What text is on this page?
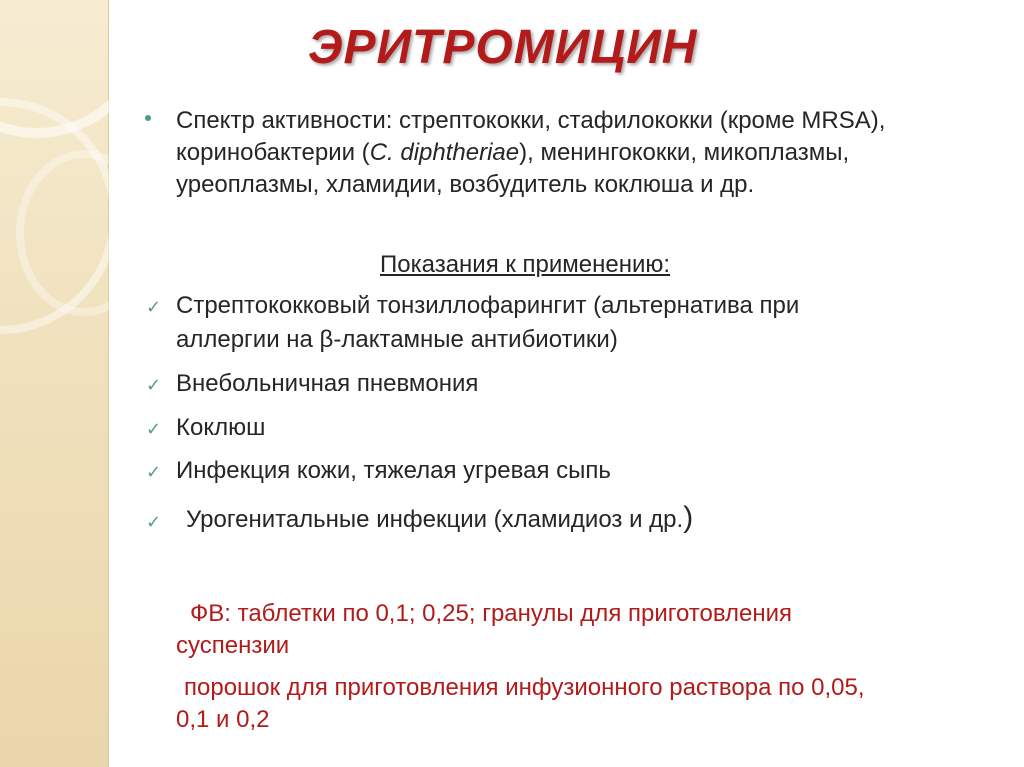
ЭРИТРОМИЦИН
Спектр активности: стрептококки, стафилококки (кроме MRSA), коринобактерии (C. diphtheriae), менингококки, микоплазмы, уреоплазмы, хламидии, возбудитель коклюша и др.
Показания к применению:
✓ Стрептококковый тонзиллофарингит (альтернатива при
аллергии на β-лактамные антибиотики)
✓ Внебольничная пневмония
✓ Коклюш
✓ Инфекция кожи, тяжелая угревая сыпь
✓ Урогенитальные инфекции (хламидиоз и др.)
ФВ: таблетки по 0,1; 0,25; гранулы для приготовления
суспензии
порошок для приготовления инфузионного раствора по 0,05,
0,1 и 0,2
